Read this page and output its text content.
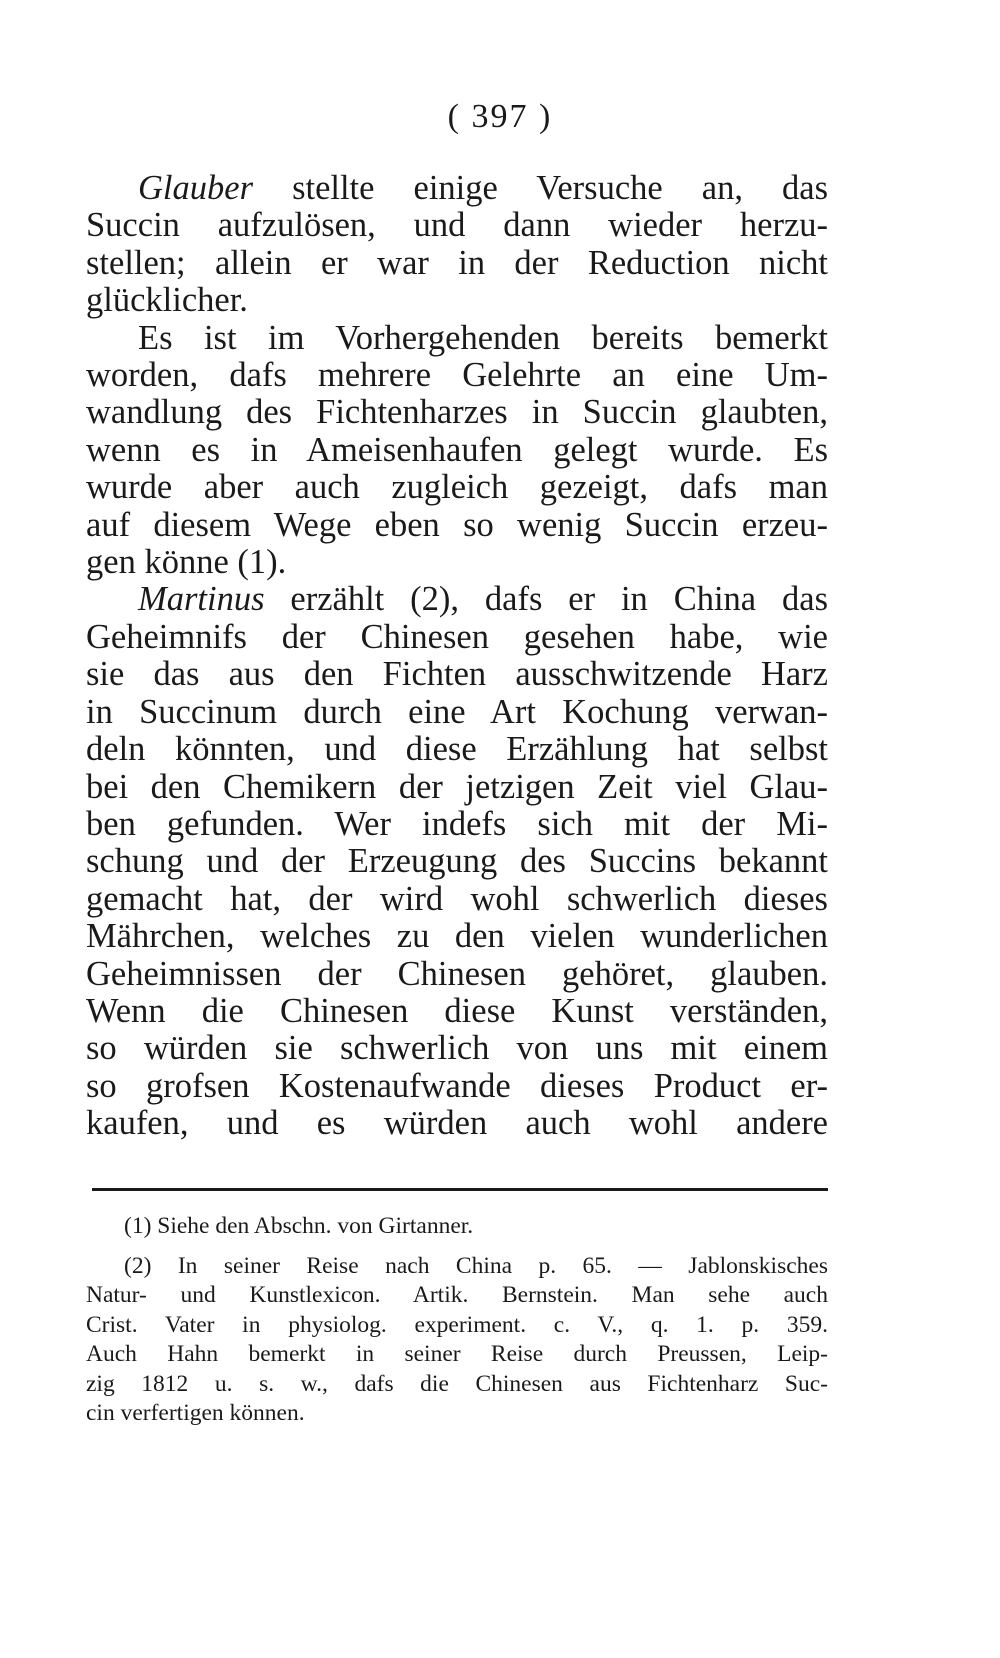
( 397 )
Glauber stellte einige Versuche an, das
Succin aufzulösen, und dann wieder herzu-
stellen; allein er war in der Reduction nicht
glücklicher.
Es ist im Vorhergehenden bereits bemerkt
worden, dafs mehrere Gelehrte an eine Um-
wandlung des Fichtenharzes in Succin glaubten,
wenn es in Ameisenhaufen gelegt wurde. Es
wurde aber auch zugleich gezeigt, dafs man
auf diesem Wege eben so wenig Succin erzeu-
gen könne (1).
Martinus erzählt (2), dafs er in China das
Geheimnifs der Chinesen gesehen habe, wie
sie das aus den Fichten ausschwitzende Harz
in Succinum durch eine Art Kochung verwan-
deln könnten, und diese Erzählung hat selbst
bei den Chemikern der jetzigen Zeit viel Glau-
ben gefunden. Wer indefs sich mit der Mi-
schung und der Erzeugung des Succins bekannt
gemacht hat, der wird wohl schwerlich dieses
Mährchen, welches zu den vielen wunderlichen
Geheimnissen der Chinesen gehöret, glauben.
Wenn die Chinesen diese Kunst verständen,
so würden sie schwerlich von uns mit einem
so grofsen Kostenaufwande dieses Product er-
kaufen, und es würden auch wohl andere
(1) Siehe den Abschn. von Girtanner.
(2) In seiner Reise nach China p. 65. — Jablonskisches
Natur- und Kunstlexicon. Artik. Bernstein. Man sehe auch
Crist. Vater in physiolog. experiment. c. V., q. 1. p. 359.
Auch Hahn bemerkt in seiner Reise durch Preussen, Leip-
zig 1812 u. s. w., dafs die Chinesen aus Fichtenharz Suc-
cin verfertigen können.
